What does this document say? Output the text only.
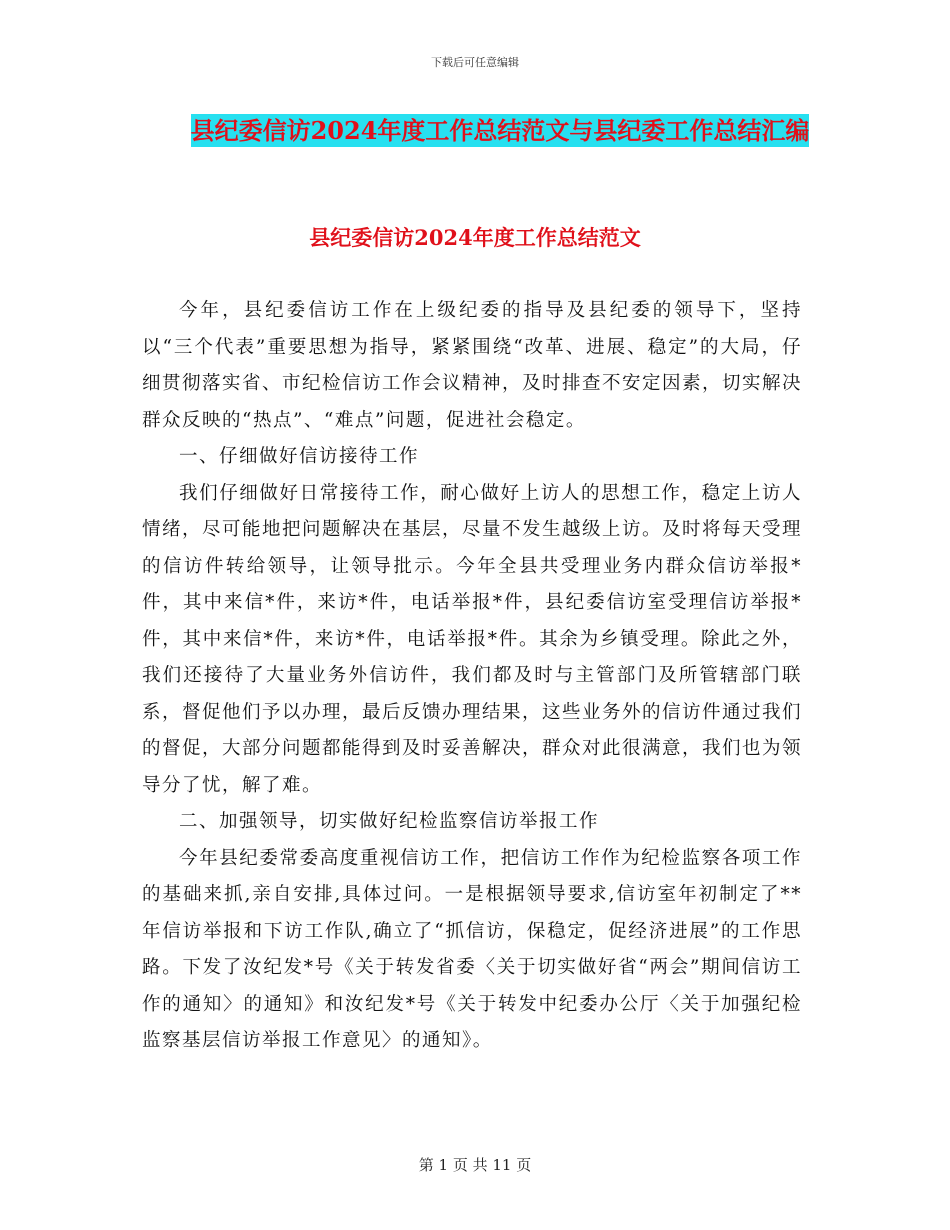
下载后可任意编辑
县纪委信访2024年度工作总结范文与县纪委工作总结汇编
县纪委信访2024年度工作总结范文

今年，县纪委信访工作在上级纪委的指导及县纪委的领导下，坚持以“三个代表”重要思想为指导，紧紧围绕“改革、进展、稳定”的大局，仔细贯彻落实省、市纪检信访工作会议精神，及时排查不安定因素，切实解决群众反映的“热点”、“难点”问题，促进社会稳定。

一、仔细做好信访接待工作

我们仔细做好日常接待工作，耐心做好上访人的思想工作，稳定上访人情绪，尽可能地把问题解决在基层，尽量不发生越级上访。及时将每天受理的信访件转给领导，让领导批示。今年全县共受理业务内群众信访举报*件，其中来信*件，来访*件，电话举报*件，县纪委信访室受理信访举报*件，其中来信*件，来访*件，电话举报*件。其余为乡镇受理。除此之外，我们还接待了大量业务外信访件，我们都及时与主管部门及所管辖部门联系，督促他们予以办理，最后反馈办理结果，这些业务外的信访件通过我们的督促，大部分问题都能得到及时妥善解决，群众对此很满意，我们也为领导分了忧，解了难。

二、加强领导，切实做好纪检监察信访举报工作

今年县纪委常委高度重视信访工作，把信访工作作为纪检监察各项工作的基础来抓,亲自安排,具体过问。一是根据领导要求,信访室年初制定了**年信访举报和下访工作队,确立了“抓信访，保稳定，促经济进展”的工作思路。下发了汝纪发*号《关于转发省委〈关于切实做好省“两会”期间信访工作的通知〉的通知》和汝纪发*号《关于转发中纪委办公厅〈关于加强纪检监察基层信访举报工作意见〉的通知》。

第 1 页 共 11 页
